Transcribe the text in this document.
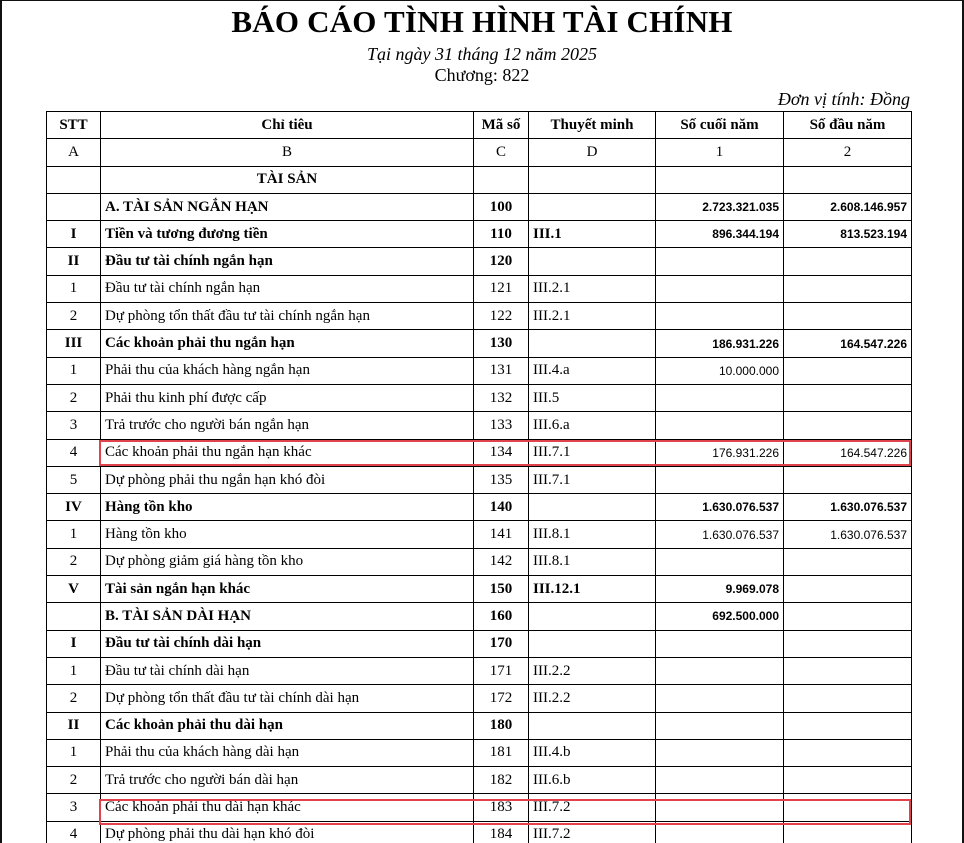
BÁO CÁO TÌNH HÌNH TÀI CHÍNH
Tại ngày 31 tháng 12 năm 2025
Chương: 822
Đơn vị tính: Đồng
STT	Chỉ tiêu	Mã số	Thuyết minh	Số cuối năm	Số đầu năm
A	B	C	D	1	2
	TÀI SẢN				
	A. TÀI SẢN NGẮN HẠN	100		2.723.321.035	2.608.146.957
I	Tiền và tương đương tiền	110	III.1	896.344.194	813.523.194
II	Đầu tư tài chính ngắn hạn	120			
1	Đầu tư tài chính ngắn hạn	121	III.2.1		
2	Dự phòng tổn thất đầu tư tài chính ngắn hạn	122	III.2.1		
III	Các khoản phải thu ngắn hạn	130		186.931.226	164.547.226
1	Phải thu của khách hàng ngắn hạn	131	III.4.a	10.000.000	
2	Phải thu kinh phí được cấp	132	III.5		
3	Trả trước cho người bán ngắn hạn	133	III.6.a		
4	Các khoản phải thu ngắn hạn khác	134	III.7.1	176.931.226	164.547.226
5	Dự phòng phải thu ngắn hạn khó đòi	135	III.7.1		
IV	Hàng tồn kho	140		1.630.076.537	1.630.076.537
1	Hàng tồn kho	141	III.8.1	1.630.076.537	1.630.076.537
2	Dự phòng giảm giá hàng tồn kho	142	III.8.1		
V	Tài sản ngắn hạn khác	150	III.12.1	9.969.078	
	B. TÀI SẢN DÀI HẠN	160		692.500.000	
I	Đầu tư tài chính dài hạn	170			
1	Đầu tư tài chính dài hạn	171	III.2.2		
2	Dự phòng tổn thất đầu tư tài chính dài hạn	172	III.2.2		
II	Các khoản phải thu dài hạn	180			
1	Phải thu của khách hàng dài hạn	181	III.4.b		
2	Trả trước cho người bán dài hạn	182	III.6.b		
3	Các khoản phải thu dài hạn khác	183	III.7.2		
4	Dự phòng phải thu dài hạn khó đòi	184	III.7.2		
